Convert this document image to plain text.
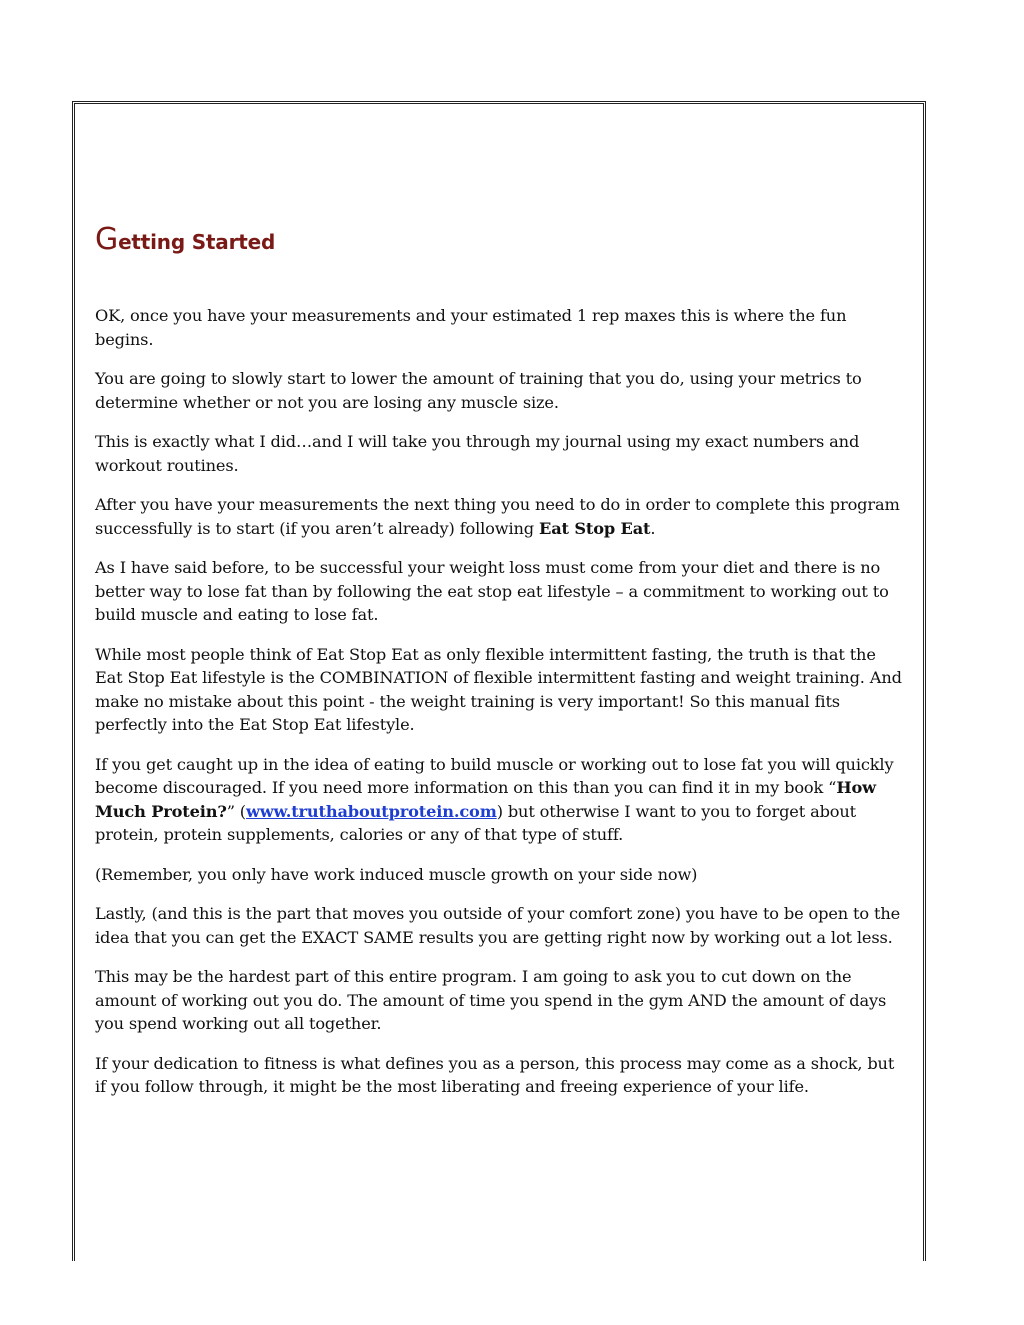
Getting Started

OK, once you have your measurements and your estimated 1 rep maxes this is where the fun begins.

You are going to slowly start to lower the amount of training that you do, using your metrics to determine whether or not you are losing any muscle size.

This is exactly what I did…and I will take you through my journal using my exact numbers and workout routines.

After you have your measurements the next thing you need to do in order to complete this program successfully is to start (if you aren’t already) following Eat Stop Eat.

As I have said before, to be successful your weight loss must come from your diet and there is no better way to lose fat than by following the eat stop eat lifestyle – a commitment to working out to build muscle and eating to lose fat.

While most people think of Eat Stop Eat as only flexible intermittent fasting, the truth is that the Eat Stop Eat lifestyle is the COMBINATION of flexible intermittent fasting and weight training. And make no mistake about this point - the weight training is very important! So this manual fits perfectly into the Eat Stop Eat lifestyle.

If you get caught up in the idea of eating to build muscle or working out to lose fat you will quickly become discouraged. If you need more information on this than you can find it in my book “How Much Protein?” (www.truthaboutprotein.com) but otherwise I want to you to forget about protein, protein supplements, calories or any of that type of stuff.

(Remember, you only have work induced muscle growth on your side now)

Lastly, (and this is the part that moves you outside of your comfort zone) you have to be open to the idea that you can get the EXACT SAME results you are getting right now by working out a lot less.

This may be the hardest part of this entire program. I am going to ask you to cut down on the amount of working out you do. The amount of time you spend in the gym AND the amount of days you spend working out all together.

If your dedication to fitness is what defines you as a person, this process may come as a shock, but if you follow through, it might be the most liberating and freeing experience of your life.
